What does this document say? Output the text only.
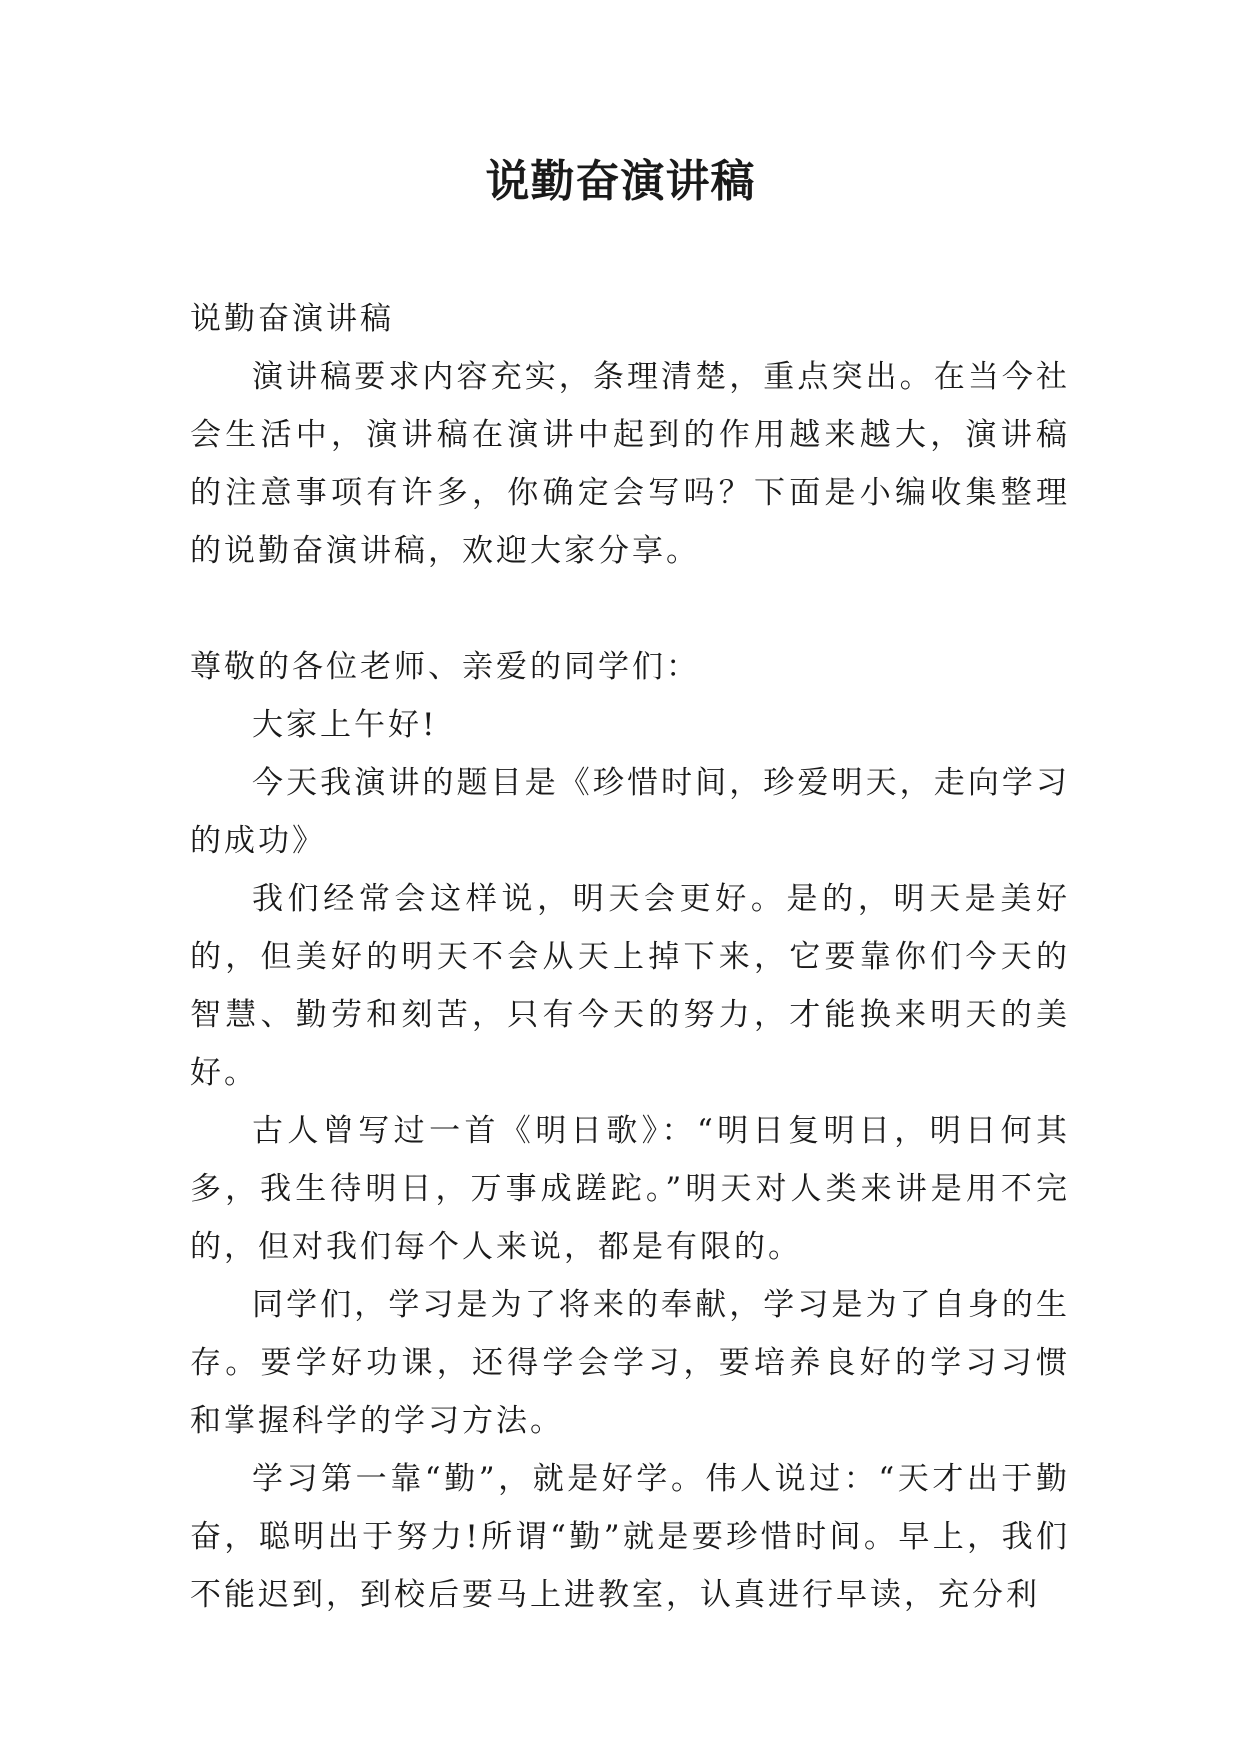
说勤奋演讲稿

说勤奋演讲稿

演讲稿要求内容充实，条理清楚，重点突出。在当今社会生活中，演讲稿在演讲中起到的作用越来越大，演讲稿的注意事项有许多，你确定会写吗？下面是小编收集整理的说勤奋演讲稿，欢迎大家分享。

尊敬的各位老师、亲爱的同学们：

大家上午好!

今天我演讲的题目是《珍惜时间，珍爱明天，走向学习的成功》

我们经常会这样说，明天会更好。是的，明天是美好的，但美好的明天不会从天上掉下来，它要靠你们今天的智慧、勤劳和刻苦，只有今天的努力，才能换来明天的美好。

古人曾写过一首《明日歌》：“明日复明日，明日何其多，我生待明日，万事成蹉跎。”明天对人类来讲是用不完的，但对我们每个人来说，都是有限的。

同学们，学习是为了将来的奉献，学习是为了自身的生存。要学好功课，还得学会学习，要培养良好的学习习惯和掌握科学的学习方法。

学习第一靠“勤”，就是好学。伟人说过：“天才出于勤奋，聪明出于努力!所谓“勤”就是要珍惜时间。早上，我们不能迟到，到校后要马上进教室，认真进行早读，充分利
